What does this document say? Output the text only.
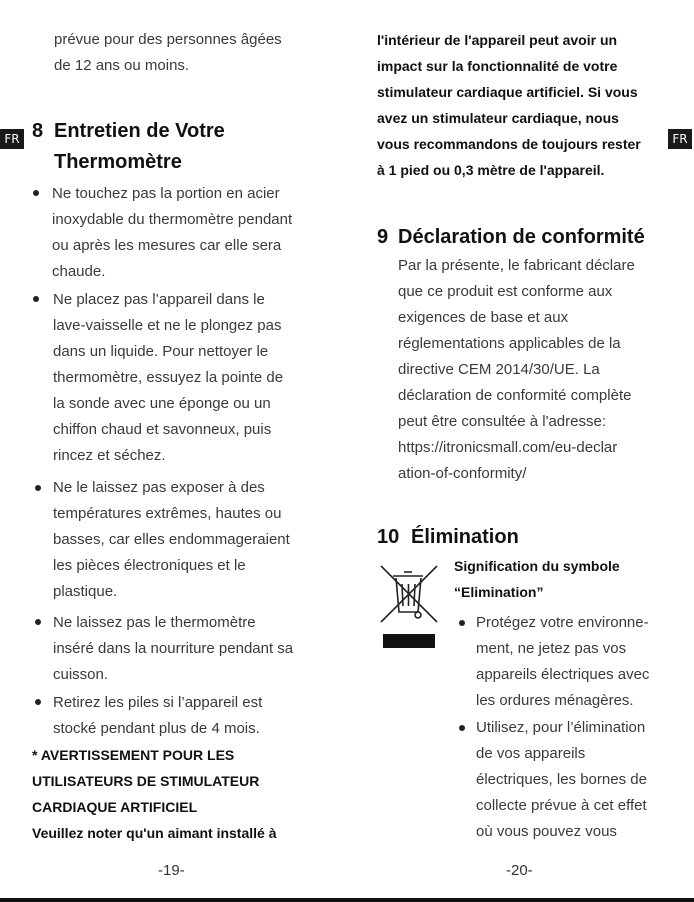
FR
prévue pour des personnes âgées
de 12 ans ou moins.
8 Entretien de Votre
Thermomètre
Ne touchez pas la portion en acier
inoxydable du thermomètre pendant
ou après les mesures car elle sera
chaude.
Ne placez pas l’appareil dans le
lave-vaisselle et ne le plongez pas
dans un liquide. Pour nettoyer le
thermomètre, essuyez la pointe de
la sonde avec une éponge ou un
chiffon chaud et savonneux, puis
rincez et séchez.
Ne le laissez pas exposer à des
températures extrêmes, hautes ou
basses, car elles endommageraient
les pièces électroniques et le
plastique.
Ne laissez pas le thermomètre
inséré dans la nourriture pendant sa
cuisson.
Retirez les piles si l’appareil est
stocké pendant plus de 4 mois.
* AVERTISSEMENT POUR LES
UTILISATEURS DE STIMULATEUR
CARDIAQUE ARTIFICIEL
Veuillez noter qu'un aimant installé à
-19-
FR
l'intérieur de l'appareil peut avoir un
impact sur la fonctionnalité de votre
stimulateur cardiaque artificiel. Si vous
avez un stimulateur cardiaque, nous
vous recommandons de toujours rester
à 1 pied ou 0,3 mètre de l'appareil.
9 Déclaration de conformité
Par la présente, le fabricant déclare
que ce produit est conforme aux
exigences de base et aux
réglementations applicables de la
directive CEM 2014/30/UE. La
déclaration de conformité complète
peut être consultée à l'adresse:
https://itronicsmall.com/eu-declar
ation-of-conformity/
10 Élimination
Signification du symbole
“Elimination”
Protégez votre environne-
ment, ne jetez pas vos
appareils électriques avec
les ordures ménagères.
Utilisez, pour l’élimination
de vos appareils
électriques, les bornes de
collecte prévue à cet effet
où vous pouvez vous
-20-
